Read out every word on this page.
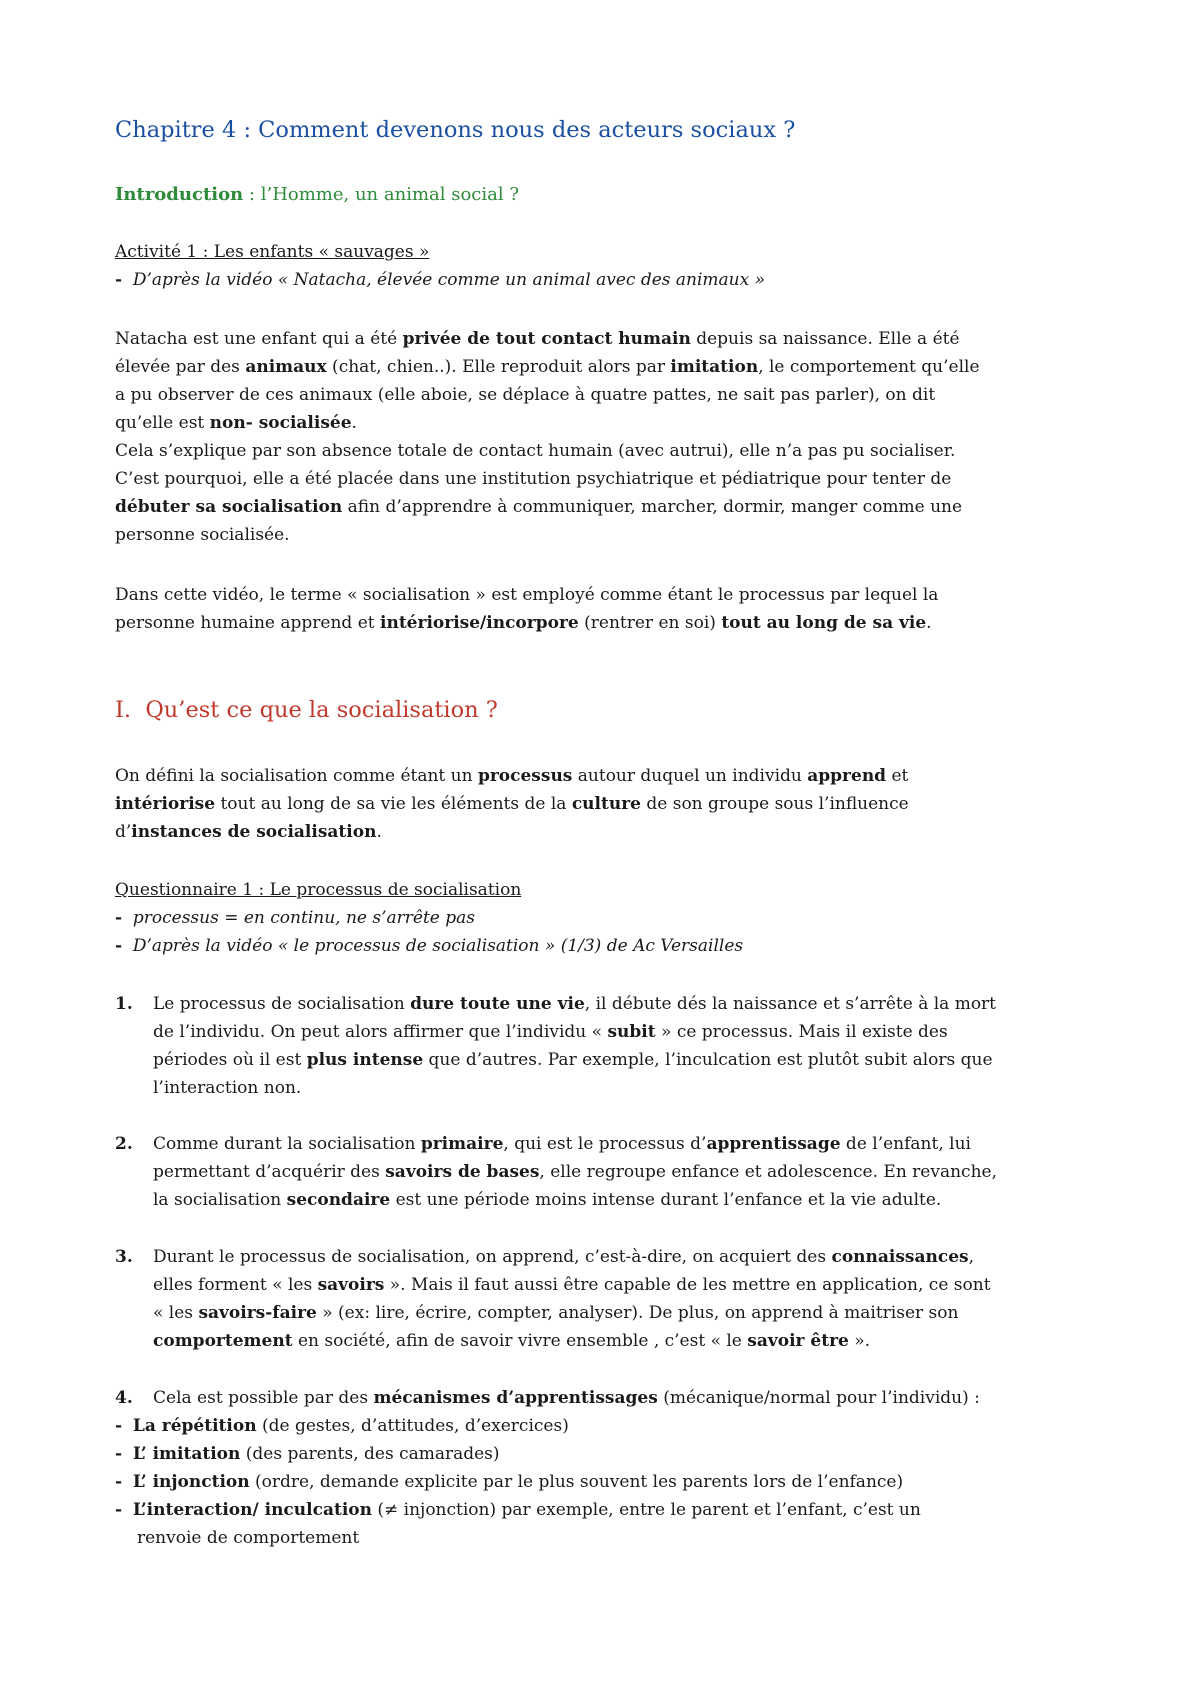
Chapitre 4 : Comment devenons nous des acteurs sociaux ?
Introduction : l’Homme, un animal social ?
Activité 1 : Les enfants « sauvages »
- D’après la vidéo « Natacha, élevée comme un animal avec des animaux »
Natacha est une enfant qui a été privée de tout contact humain depuis sa naissance. Elle a été
élevée par des animaux (chat, chien..). Elle reproduit alors par imitation, le comportement qu’elle
a pu observer de ces animaux (elle aboie, se déplace à quatre pattes, ne sait pas parler), on dit
qu’elle est non- socialisée.
Cela s’explique par son absence totale de contact humain (avec autrui), elle n’a pas pu socialiser.
C’est pourquoi, elle a été placée dans une institution psychiatrique et pédiatrique pour tenter de
débuter sa socialisation afin d’apprendre à communiquer, marcher, dormir, manger comme une
personne socialisée.
Dans cette vidéo, le terme « socialisation » est employé comme étant le processus par lequel la
personne humaine apprend et intériorise/incorpore (rentrer en soi) tout au long de sa vie.
I. Qu’est ce que la socialisation ?
On défini la socialisation comme étant un processus autour duquel un individu apprend et
intériorise tout au long de sa vie les éléments de la culture de son groupe sous l’influence
d’instances de socialisation.
Questionnaire 1 : Le processus de socialisation
- processus = en continu, ne s’arrête pas
- D’après la vidéo « le processus de socialisation » (1/3) de Ac Versailles
1. Le processus de socialisation dure toute une vie, il débute dés la naissance et s’arrête à la mort
de l’individu. On peut alors affirmer que l’individu « subit » ce processus. Mais il existe des
périodes où il est plus intense que d’autres. Par exemple, l’inculcation est plutôt subit alors que
l’interaction non.
2. Comme durant la socialisation primaire, qui est le processus d’apprentissage de l’enfant, lui
permettant d’acquérir des savoirs de bases, elle regroupe enfance et adolescence. En revanche,
la socialisation secondaire est une période moins intense durant l’enfance et la vie adulte.
3. Durant le processus de socialisation, on apprend, c’est-à-dire, on acquiert des connaissances,
elles forment « les savoirs ». Mais il faut aussi être capable de les mettre en application, ce sont
« les savoirs-faire » (ex: lire, écrire, compter, analyser). De plus, on apprend à maitriser son
comportement en société, afin de savoir vivre ensemble , c’est « le savoir être ».
4. Cela est possible par des mécanismes d’apprentissages (mécanique/normal pour l’individu) :
- La répétition (de gestes, d’attitudes, d’exercices)
- L’ imitation (des parents, des camarades)
- L’ injonction (ordre, demande explicite par le plus souvent les parents lors de l’enfance)
- L’interaction/ inculcation (≠ injonction) par exemple, entre le parent et l’enfant, c’est un
renvoie de comportement
